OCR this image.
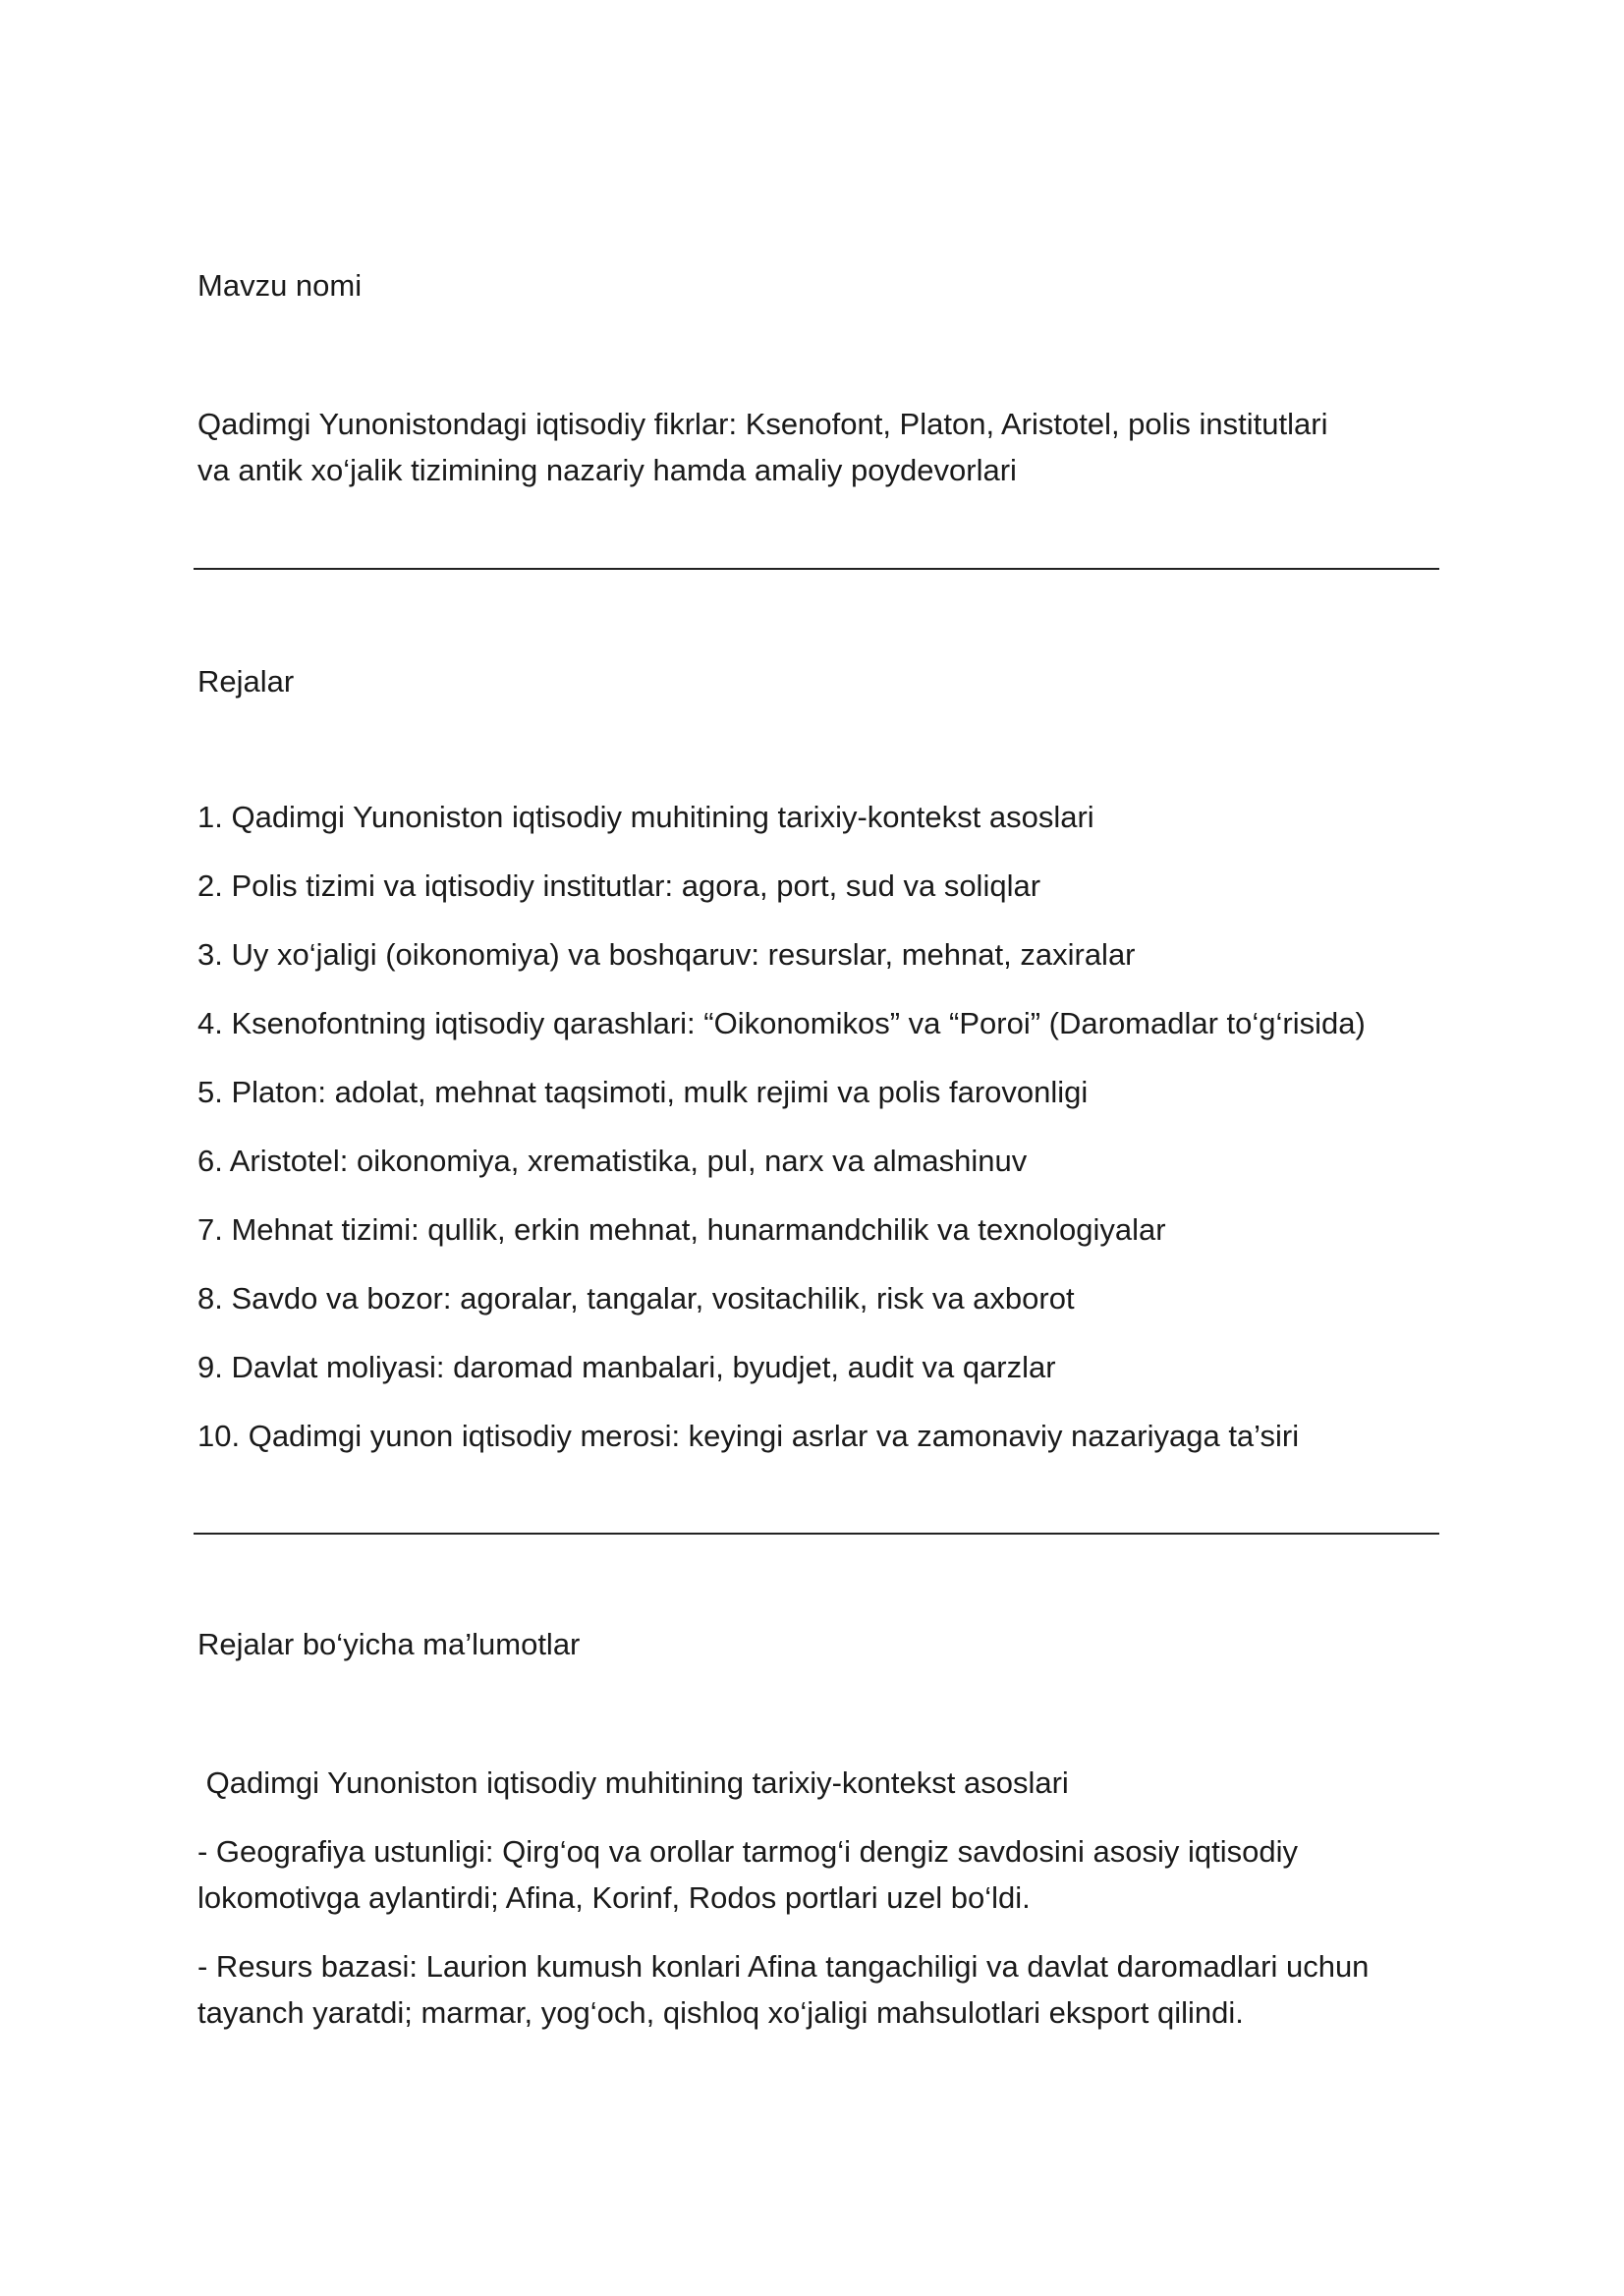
Mavzu nomi

Qadimgi Yunonistondagi iqtisodiy fikrlar: Ksenofont, Platon, Aristotel, polis institutlari

va antik xo‘jalik tizimining nazariy hamda amaliy poydevorlari

Rejalar

1. Qadimgi Yunoniston iqtisodiy muhitining tarixiy-kontekst asoslari

2. Polis tizimi va iqtisodiy institutlar: agora, port, sud va soliqlar

3. Uy xo‘jaligi (oikonomiya) va boshqaruv: resurslar, mehnat, zaxiralar

4. Ksenofontning iqtisodiy qarashlari: “Oikonomikos” va “Poroi” (Daromadlar to‘g‘risida)

5. Platon: adolat, mehnat taqsimoti, mulk rejimi va polis farovonligi

6. Aristotel: oikonomiya, xrematistika, pul, narx va almashinuv

7. Mehnat tizimi: qullik, erkin mehnat, hunarmandchilik va texnologiyalar

8. Savdo va bozor: agoralar, tangalar, vositachilik, risk va axborot

9. Davlat moliyasi: daromad manbalari, byudjet, audit va qarzlar

10. Qadimgi yunon iqtisodiy merosi: keyingi asrlar va zamonaviy nazariyaga ta’siri

Rejalar bo‘yicha ma’lumotlar
Qadimgi Yunoniston iqtisodiy muhitining tarixiy-kontekst asoslari

- Geografiya ustunligi: Qirg‘oq va orollar tarmog‘i dengiz savdosini asosiy iqtisodiy

lokomotivga aylantirdi; Afina, Korinf, Rodos portlari uzel bo‘ldi.

- Resurs bazasi: Laurion kumush konlari Afina tangachiligi va davlat daromadlari uchun

tayanch yaratdi; marmar, yog‘och, qishloq xo‘jaligi mahsulotlari eksport qilindi.
